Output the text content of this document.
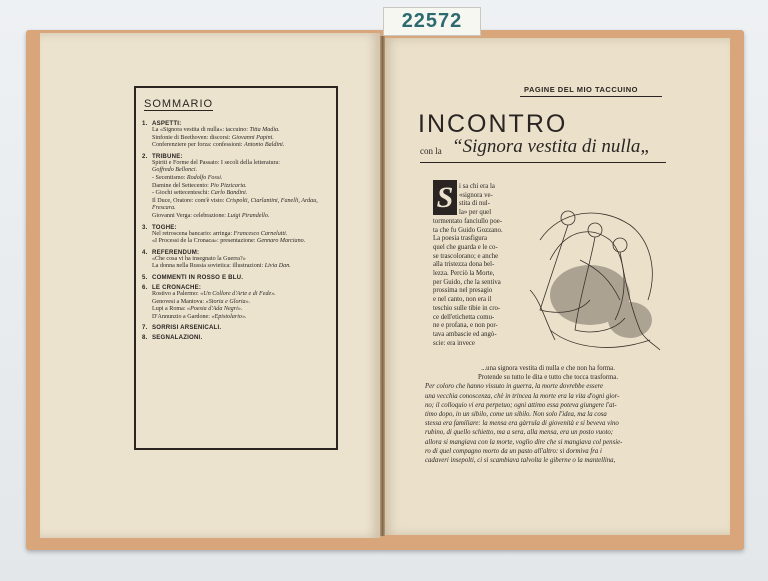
22572
SOMMARIO
1. ASPETTI:
La «Signora vestita di nulla»: taccuino: Titta Madia.
Sinfonie di Beethoven: discorsi: Giovanni Papini.
Conferenziere per forza: confessioni: Antonio Baldini.
2. TRIBUNE:
Spiriti e Forme del Passato: I secoli della letteratura:
Goffredo Bellonci.
- Secentismo: Rodolfo Fossi.
Damine del Settecento: Pio Pizzicaria.
- Giochi settecenteschi: Carlo Bandini.
Il Duce, Oratore: com'è visto: Crispolti, Ciarlantini, Fanelli, Ardau, Frescara.
Giovanni Verga: celebrazione: Luigi Pirandello.
3. TOGHE:
Nel retroscena bancario: arringa: Francesco Carnelutti.
«I Processi de la Cronaca»: presentazione: Gennaro Marciano.
4. REFERENDUM:
«Che cosa vi ha insegnato la Guerra?»
La donna nella Russia sovietica: illustrazioni: Livia Dan.
5. COMMENTI IN ROSSO E BLU.
6. LE CRONACHE:
Rostivo a Palermo: «Un Collore d'Arte e di Fede».
Genovesi a Mantova: «Storia e Gloria».
Lupi a Roma: «Poesia d'Ada Negri».
D'Annunzio a Gardone: «Epistolario».
7. SORRISI ARSENICALI.
8. SEGNALAZIONI.
PAGINE DEL MIO TACCUINO
INCONTRO
con la “Signora vestita di nulla„
S i sa chi era la
«signora ve-
stita di nul-
la» per quel
tormentato fanciullo poe-
ta che fu Guido Gozzano.
La poesia trasfigura
quel che guarda e le co-
se trascolorano; e anche
alla tristezza dona bel-
lezza. Perciò la Morte,
per Guido, che la sentiva
prossima nel presagio
e nel canto, non era il
teschio sulle tibie in cro-
ce dell'etichetta comu-
ne e profana, e non por-
tava ambascie ed angò-
scie: era invece
...una signora vestita di nulla e che non ha forma.
Protende su tutto le dita e tutto che tocca trasforma.
Per coloro che hanno vissuto in guerra, la morte dovrebbe essere
una vecchia conoscenza, chè in trincea la morte era la vita d'ogni gior-
no; il colloquio vi era perpetuo; ogni attimo essa poteva giungere l'at-
timo dopo, in un sibilo, come un sibilo. Non solo l'idea, ma la cosa
stessa era familiare: la mensa era gàrrula di giovenità e si beveva vino
rubino, di quello schietto, ma a sera, alla mensa, era un posto vuoto;
allora si mangiava con la morte, voglio dire che si mangiava col pensie-
ro di quel compagno morto da un pasto all'altro: si dormiva fra i
cadaveri insepolti, ci si scambiava talvolta le giberne o la mantellina,
